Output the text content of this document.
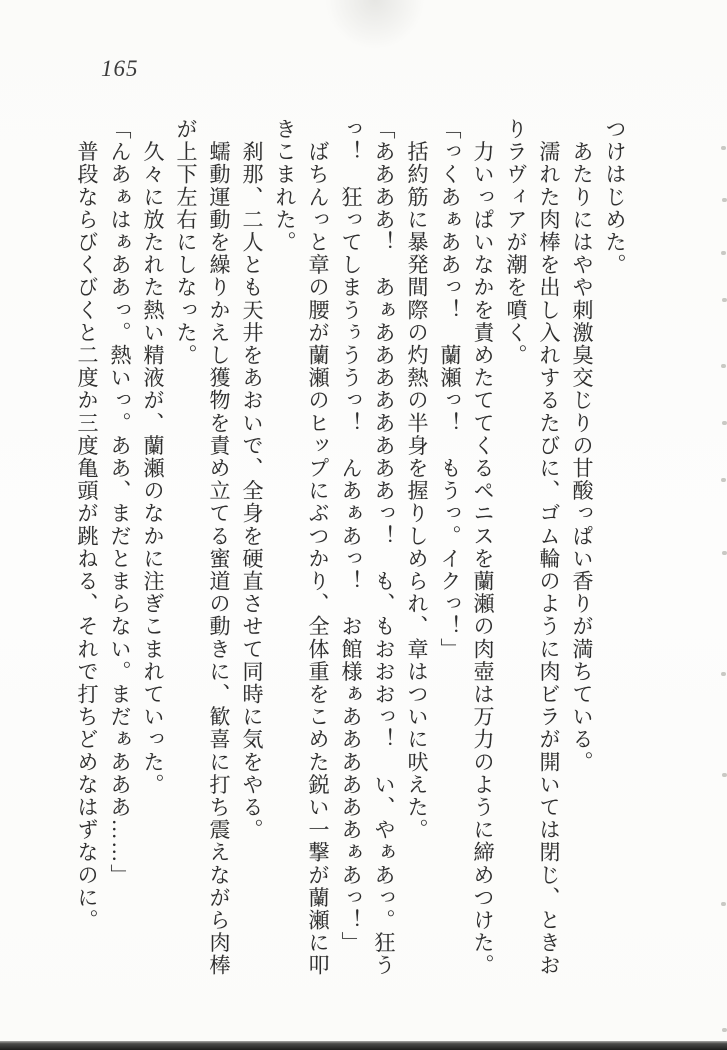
165

つけはじめた。

　あたりにはやや刺激臭交じりの甘酸っぱい香りが満ちている。

　濡れた肉棒を出し入れするたびに、ゴム輪のように肉ビラが開いては閉じ、ときおりラヴィアが潮を噴く。

　力いっぱいなかを責めたててくるペニスを蘭瀬の肉壺は万力のように締めつけた。

「っくあぁああっ！　蘭瀬っ！　もうっ。イクっ！」

　括約筋に暴発間際の灼熱の半身を握りしめられ、章はついに吠えた。

「ああああ！　あぁああああああああっ！　も、もおおおっ！　い、やぁあっ。狂うっ！　狂ってしまうぅううっ！　んあぁあっ！　お館様ぁああああああぁあっ！」

　ばちんっと章の腰が蘭瀬のヒップにぶつかり、全体重をこめた鋭い一撃が蘭瀬に叩きこまれた。

　刹那、二人とも天井をあおいで、全身を硬直させて同時に気をやる。

　蠕動運動を繰りかえし獲物を責め立てる蜜道の動きに、歓喜に打ち震えながら肉棒が上下左右にしなった。

　久々に放たれた熱い精液が、蘭瀬のなかに注ぎこまれていった。

「んあぁはぁああっ。熱いっ。ああ、まだとまらない。まだぁあああ……」

　普段ならびくびくと二度か三度亀頭が跳ねる、それで打ちどめなはずなのに。
